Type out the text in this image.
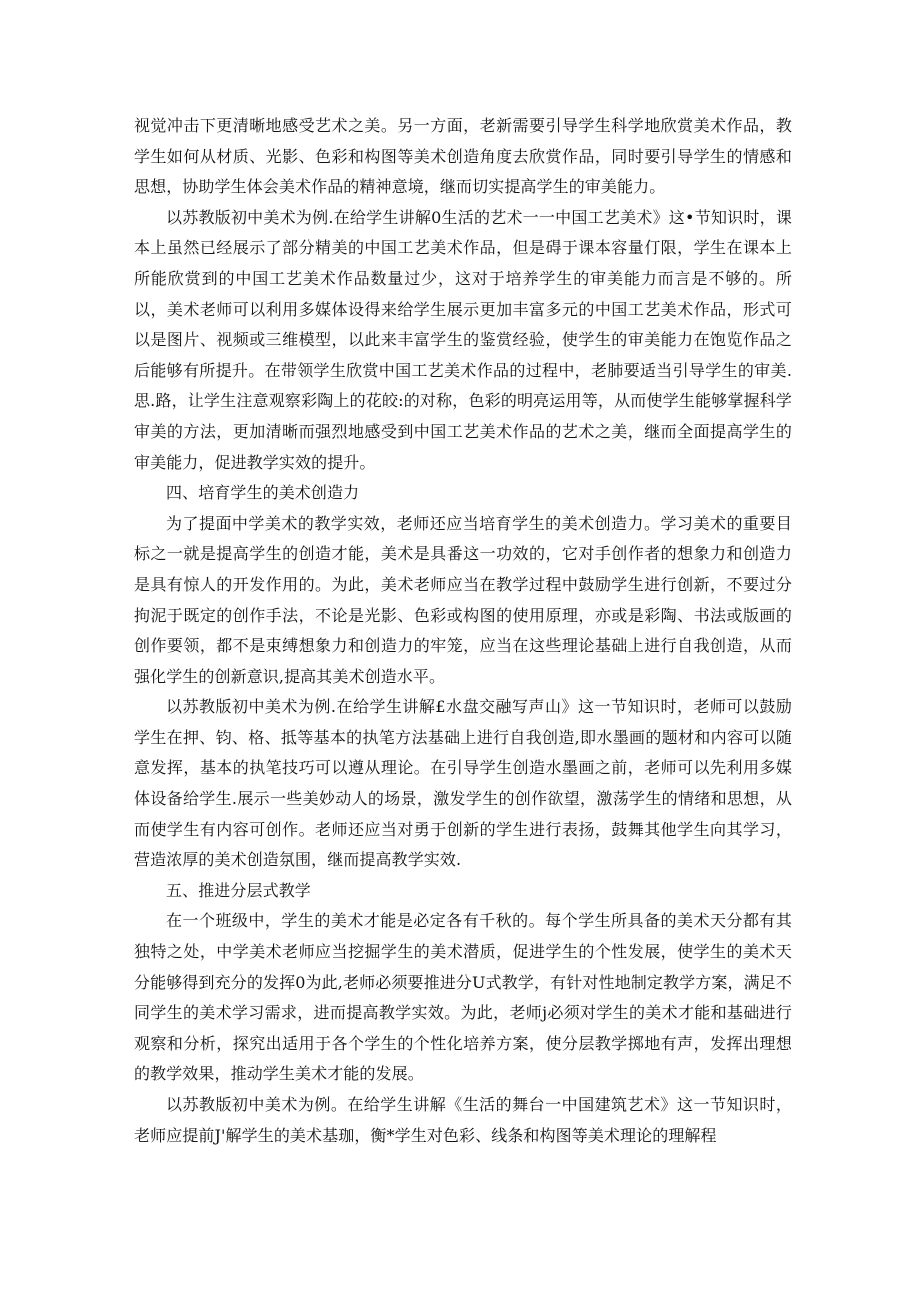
视觉冲击下更清晰地感受艺术之美。另一方面，老新需要引导学生科学地欣赏美术作品，教学生如何从材质、光影、色彩和构图等美术创造角度去欣赏作品，同时要引导学生的情感和思想，协助学生体会美术作品的精神意境，继而切实提高学生的审美能力。

以苏教版初中美术为例.在给学生讲解0生活的艺术一一中国工艺美术》这•节知识时，课本上虽然已经展示了部分精美的中国工艺美术作品，但是碍于课本容量仃限，学生在课本上所能欣赏到的中国工艺美术作品数量过少，这对于培养学生的审美能力而言是不够的。所以，美术老师可以利用多媒体设得来给学生展示更加丰富多元的中国工艺美术作品，形式可以是图片、视频或三维模型，以此来丰富学生的鉴赏经验，使学生的审美能力在饱览作品之后能够有所提升。在带领学生欣赏中国工艺美术作品的过程中，老肺要适当引导学生的审美.思.路，让学生注意观察彩陶上的花皎:的对称，色彩的明亮运用等，从而使学生能够掌握科学审美的方法，更加清晰而强烈地感受到中国工艺美术作品的艺术之美，继而全面提高学生的审美能力，促进教学实效的提升。

四、培育学生的美术创造力

为了提面中学美术的教学实效，老师还应当培育学生的美术创造力。学习美术的重要目标之一就是提高学生的创造才能，美术是具番这一功效的，它对手创作者的想象力和创造力是具有惊人的开发作用的。为此，美术老师应当在教学过程中鼓励学生进行创新，不要过分拘泥于既定的创作手法，不论是光影、色彩或构图的使用原理，亦或是彩陶、书法或版画的创作要领，都不是束缚想象力和创造力的牢笼，应当在这些理论基础上进行自我创造，从而强化学生的创新意识,提高其美术创造水平。

以苏教版初中美术为例.在给学生讲解£水盘交融写声山》这一节知识时，老师可以鼓励学生在押、钧、格、抵等基本的执笔方法基础上进行自我创造,即水墨画的题材和内容可以随意发挥，基本的执笔技巧可以遵从理论。在引导学生创造水墨画之前，老师可以先利用多媒体设备给学生.展示一些美妙动人的场景，激发学生的创作欲望，激荡学生的情绪和思想，从而使学生有内容可创作。老师还应当对勇于创新的学生进行表扬，鼓舞其他学生向其学习，营造浓厚的美术创造氛围，继而提高教学实效.

五、推进分层式教学

在一个班级中，学生的美术才能是必定各有千秋的。每个学生所具备的美术天分都有其独特之处，中学美术老师应当挖掘学生的美术潜质，促进学生的个性发展，使学生的美术天分能够得到充分的发挥0为此,老师必须要推进分U式教学，有针对性地制定教学方案，满足不同学生的美术学习需求，进而提高教学实效。为此，老师j必须对学生的美术才能和基础进行观察和分析，探究出适用于各个学生的个性化培养方案，使分层教学掷地有声，发挥出理想的教学效果，推动学生美术才能的发展。

以苏教版初中美术为例。在给学生讲解《生活的舞台一中国建筑艺术》这一节知识时，老师应提前J'解学生的美术基珈，衡*学生对色彩、线条和构图等美术理论的理解程
